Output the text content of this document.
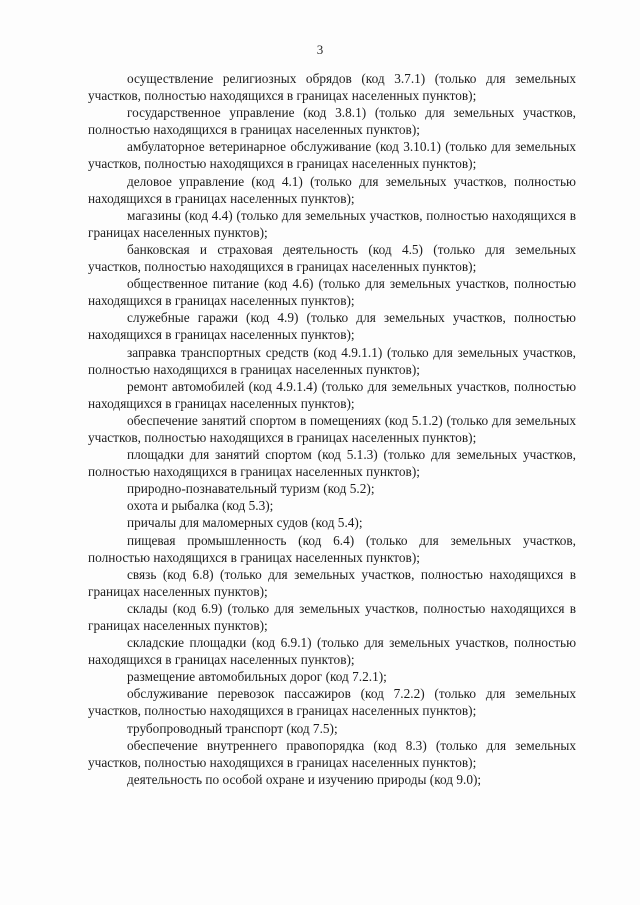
3

осуществление религиозных обрядов (код 3.7.1) (только для земельных участков, полностью находящихся в границах населенных пунктов);

государственное управление (код 3.8.1) (только для земельных участков, полностью находящихся в границах населенных пунктов);

амбулаторное ветеринарное обслуживание (код 3.10.1) (только для земельных участков, полностью находящихся в границах населенных пунктов);

деловое управление (код 4.1) (только для земельных участков, полностью находящихся в границах населенных пунктов);

магазины (код 4.4) (только для земельных участков, полностью находящихся в границах населенных пунктов);

банковская и страховая деятельность (код 4.5) (только для земельных участков, полностью находящихся в границах населенных пунктов);

общественное питание (код 4.6) (только для земельных участков, полностью находящихся в границах населенных пунктов);

служебные гаражи (код 4.9) (только для земельных участков, полностью находящихся в границах населенных пунктов);

заправка транспортных средств (код 4.9.1.1) (только для земельных участков, полностью находящихся в границах населенных пунктов);

ремонт автомобилей (код 4.9.1.4) (только для земельных участков, полностью находящихся в границах населенных пунктов);

обеспечение занятий спортом в помещениях (код 5.1.2) (только для земельных участков, полностью находящихся в границах населенных пунктов);

площадки для занятий спортом (код 5.1.3) (только для земельных участков, полностью находящихся в границах населенных пунктов);

природно-познавательный туризм (код 5.2);

охота и рыбалка (код 5.3);

причалы для маломерных судов (код 5.4);

пищевая промышленность (код 6.4) (только для земельных участков, полностью находящихся в границах населенных пунктов);

связь (код 6.8) (только для земельных участков, полностью находящихся в границах населенных пунктов);

склады (код 6.9) (только для земельных участков, полностью находящихся в границах населенных пунктов);

складские площадки (код 6.9.1) (только для земельных участков, полностью находящихся в границах населенных пунктов);

размещение автомобильных дорог (код 7.2.1);

обслуживание перевозок пассажиров (код 7.2.2) (только для земельных участков, полностью находящихся в границах населенных пунктов);

трубопроводный транспорт (код 7.5);

обеспечение внутреннего правопорядка (код 8.3) (только для земельных участков, полностью находящихся в границах населенных пунктов);

деятельность по особой охране и изучению природы (код 9.0);
